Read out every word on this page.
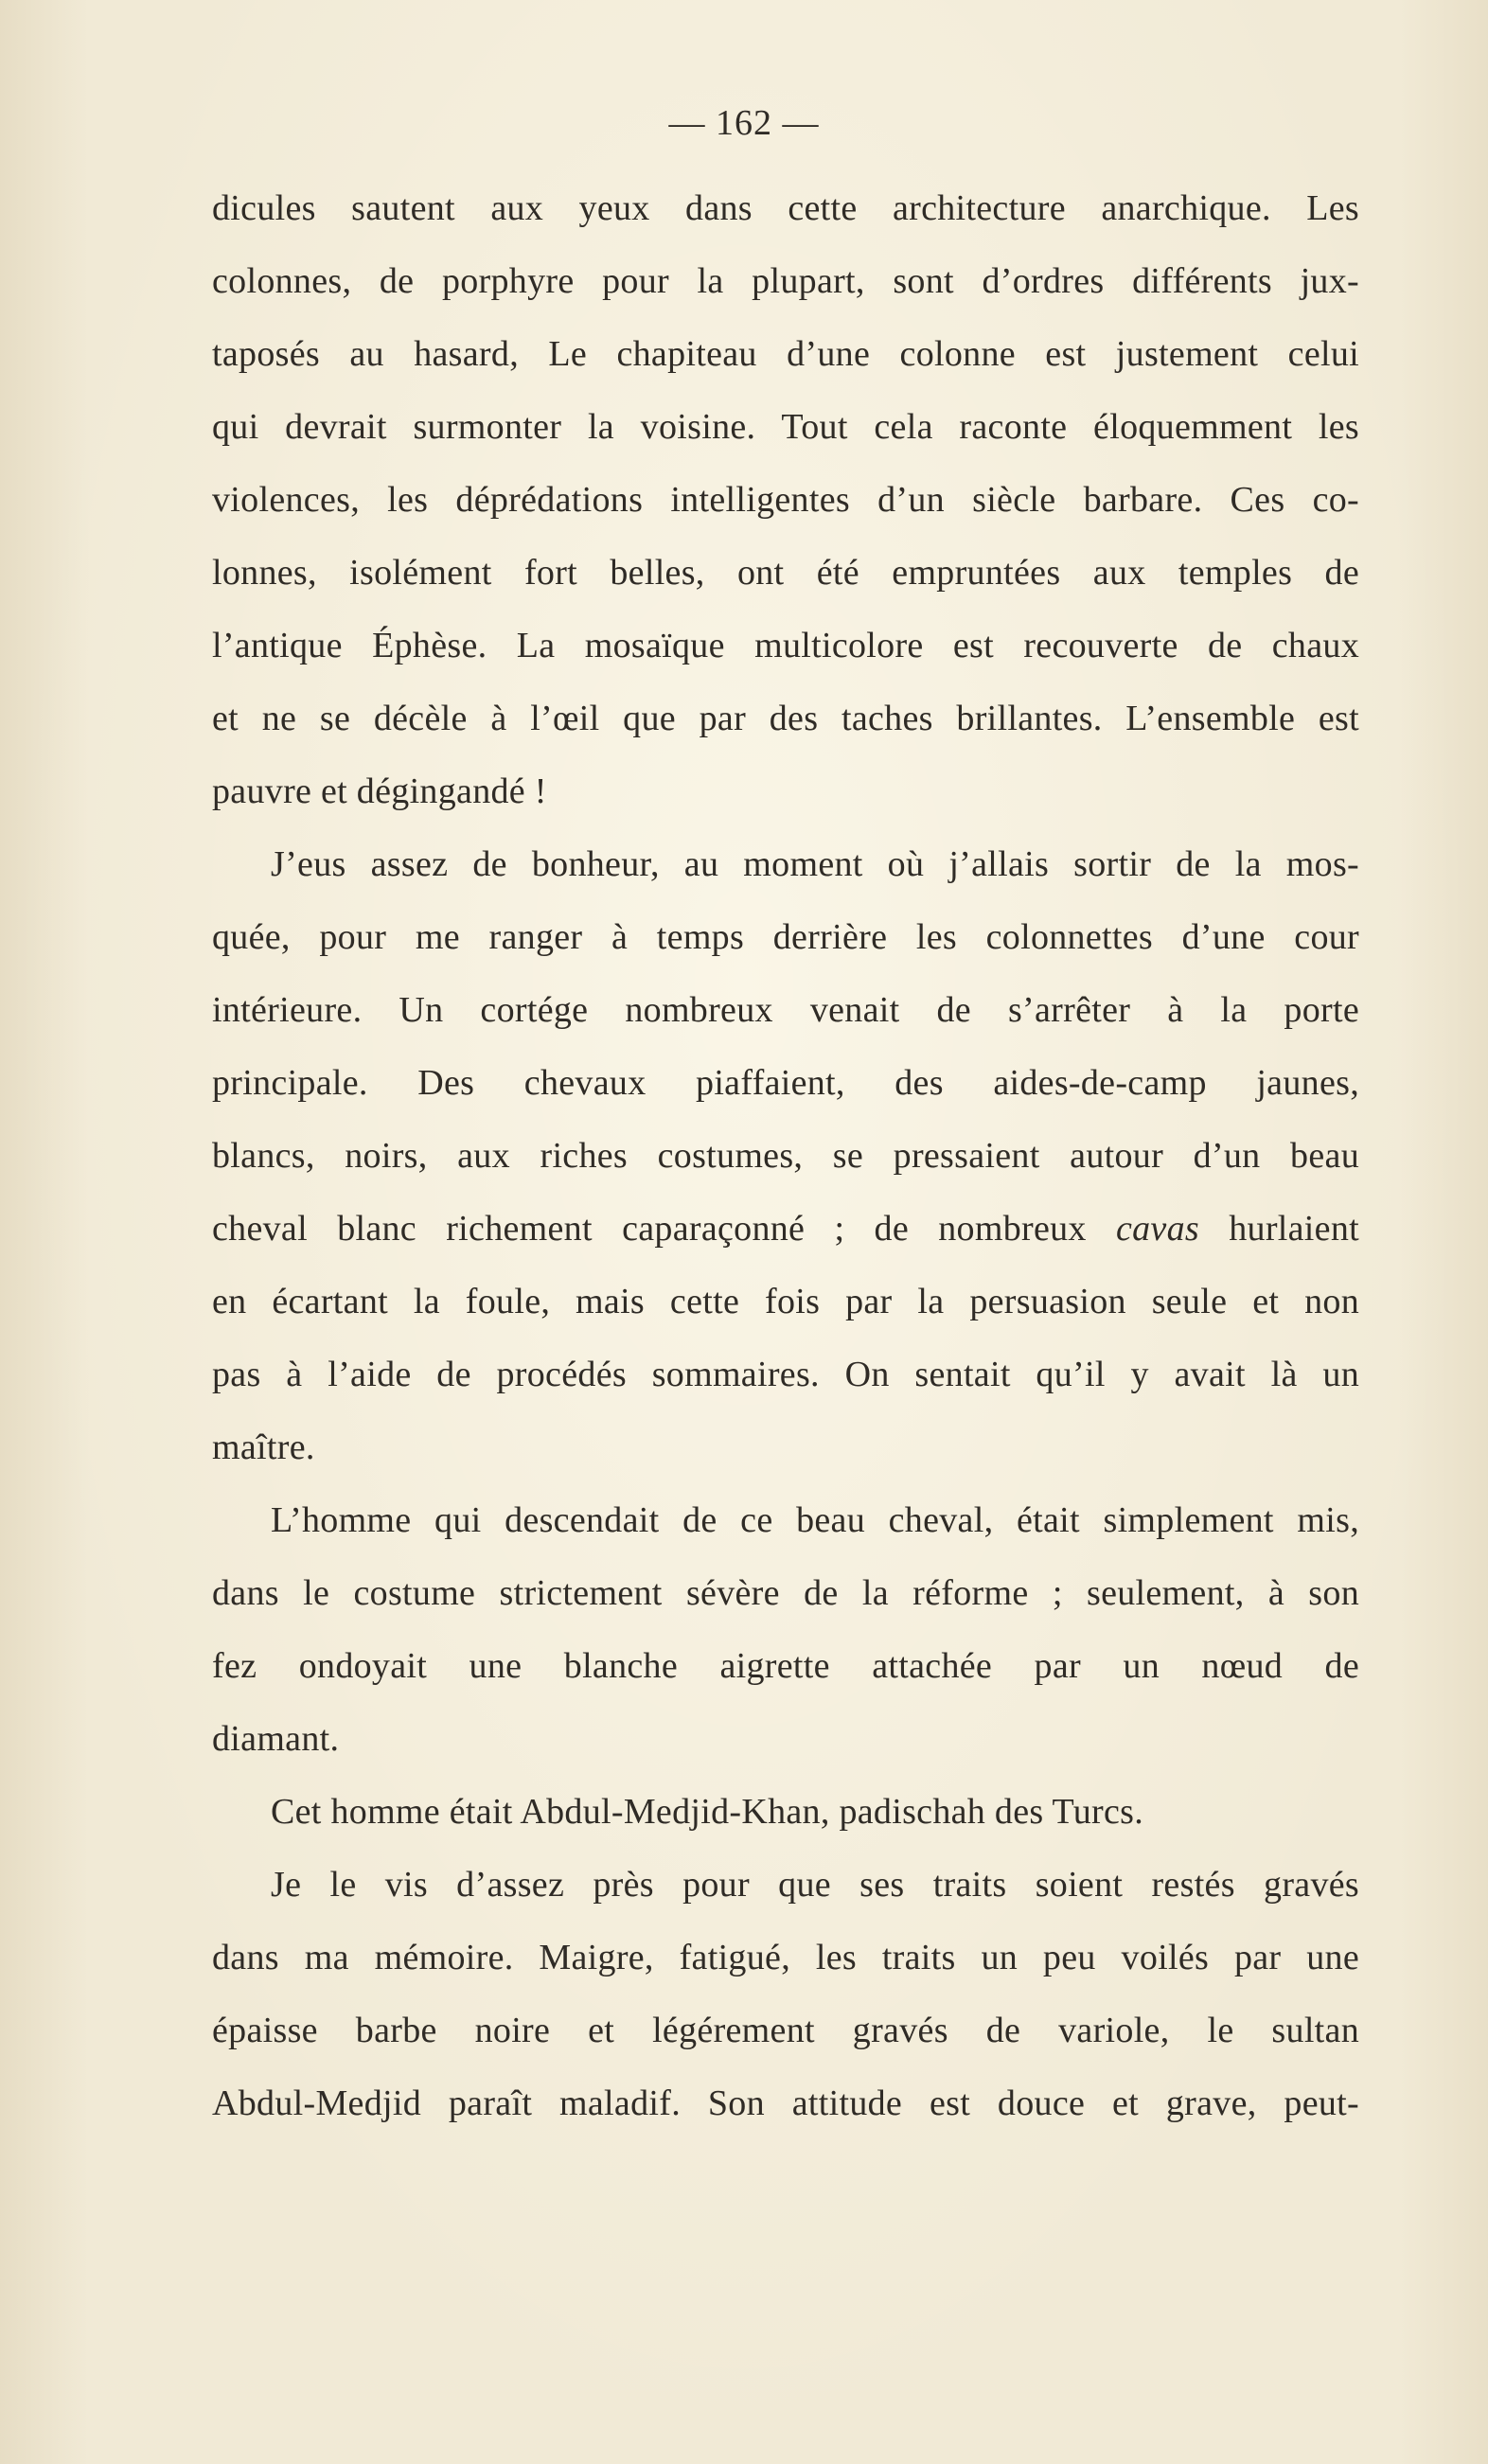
— 162 —
dicules sautent aux yeux dans cette architecture anarchique. Les
colonnes, de porphyre pour la plupart, sont d’ordres différents jux-
taposés au hasard, Le chapiteau d’une colonne est justement celui
qui devrait surmonter la voisine. Tout cela raconte éloquemment les
violences, les déprédations intelligentes d’un siècle barbare. Ces co-
lonnes, isolément fort belles, ont été empruntées aux temples de
l’antique Éphèse. La mosaïque multicolore est recouverte de chaux
et ne se décèle à l’œil que par des taches brillantes. L’ensemble est
pauvre et dégingandé !
J’eus assez de bonheur, au moment où j’allais sortir de la mos-
quée, pour me ranger à temps derrière les colonnettes d’une cour
intérieure. Un cortége nombreux venait de s’arrêter à la porte
principale. Des chevaux piaffaient, des aides-de-camp jaunes,
blancs, noirs, aux riches costumes, se pressaient autour d’un beau
cheval blanc richement caparaçonné ; de nombreux cavas hurlaient
en écartant la foule, mais cette fois par la persuasion seule et non
pas à l’aide de procédés sommaires. On sentait qu’il y avait là un
maître.
L’homme qui descendait de ce beau cheval, était simplement mis,
dans le costume strictement sévère de la réforme ; seulement, à son
fez ondoyait une blanche aigrette attachée par un nœud de
diamant.
Cet homme était Abdul-Medjid-Khan, padischah des Turcs.
Je le vis d’assez près pour que ses traits soient restés gravés
dans ma mémoire. Maigre, fatigué, les traits un peu voilés par une
épaisse barbe noire et légérement gravés de variole, le sultan
Abdul-Medjid paraît maladif. Son attitude est douce et grave, peut-
